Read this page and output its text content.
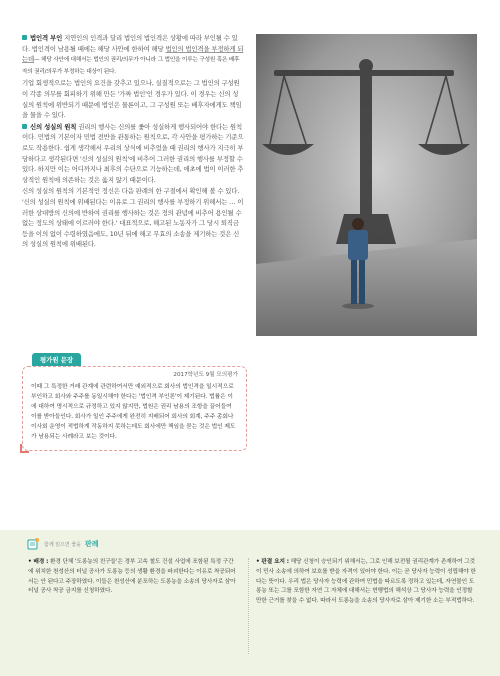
법인격 부인 지연인의 인격과 달리 법인의 법인격은 상황에 따라 부인될 수 있다. 법인격이 남용될 때에는 해당 사안에 한하여 해당 법인의 법인격을 부정하게 되는데— 해당 사안에 대해서는 법인의 권리/의무가 아니라 그 법인을 이루는 구성원 혹은 배후자의 권리/의무가 부정하는 대상이 된다.

기업 회생적으로는 법인의 요건을 갖추고 있으나, 실질적으로는 그 법인의 구성원이 각종 의무를 회피하기 위해 만든 '가짜 법인'인 경우가 있다. 이 경우는 신의 성실의 원칙에 위반되기 때문에 법인은 물론이고, 그 구성원 또는 배후자에게도 책임을 물을 수 있다.

신의 성실의 원칙 권리의 행사는 신의를 좇아 성실하게 행사되어야 한다는 원칙이다. 민법의 기본이자 민법 전반을 관통하는 원칙으로, 각 사안을 평가하는 기준으로도 작용한다. 쉽게 생각해서 우리의 상식에 비추었을 때 권리의 행사가 지극히 부당하다고 생각된다면 '신의 성실의 원칙'에 비추어 그러한 권리의 행사를 부정할 수 있다. 하지만 이는 어디까지나 최후의 수단으로 기능하는데, 애초에 법이 이러한 추상적인 원칙에 의존하는 것은 옳지 않기 때문이다.

신의 성실의 원칙의 기본적인 정신은 다음 판례의 한 구절에서 확인해 볼 수 있다. '신의 성실의 원칙에 위배된다는 이유로 그 권리의 행사를 부정하기 위해서는 … 이러한 상대방의 신의에 반하여 권리를 행사하는 것은 정의 관념에 비추어 용인될 수 없는 정도의 상태에 이르러야 한다.' 대표적으로, 해고된 노동자가 그 당시 퇴직금 등을 이의 없이 수령하였음에도, 10년 뒤에 해고 무효의 소송을 제기하는 것은 신의 성실의 원칙에 위배된다.

평가원 문장
2017학년도 9월 모의평가

이때 그 특정한 거래 관계에 관련하여서만 예외적으로 회사의 법인격을 일시적으로 부인하고 회사와 주주를 동일시해야 한다는 '법인격 부인론'이 제기된다. 법률은 이에 대하여 명시적으로 규정하고 있지 않지만, 법원은 권리 남용의 조항을 끌어들여 이를 받아들인다. 회사가 일인 주주에게 완전히 지배되어 회사의 회계, 주주 총회나 이사회 운영이 적법하게 작동하지 못하는데도 회사에만 책임을 묻는 것은 법인 제도가 남용되는 사례라고 보는 것이다.

함께 읽으면 좋을 판례

• 배경 : 환경 단체 '도롱뇽의 친구들'은 경부 고속 철도 건설 사업에 포함된 특정 구간에 위치한 천성산의 터널 공사가 도롱뇽 등의 생활 환경을 파괴한다는 이유로 착공되어서는 안 된다고 주장하였다. 이들은 천성산에 분포하는 도롱뇽을 소송의 당사자로 삼아 터널 공사 착공 금지를 신청하였다.

• 판결 요지 : 해당 신청이 승인되기 위해서는, 그로 인해 보전될 권리관계가 존재하여 그것이 민사 소송에 의하여 보호를 받을 자격이 있어야 한다. 이는 곧 당사자 능력이 성립해야 한다는 뜻이다. 우리 법은 당사자 능력에 관하여 민법을 따르도록 정하고 있는데, 자연물인 도롱뇽 또는 그를 포함한 자연 그 자체에 대해서는 현행법의 해석상 그 당사자 능력을 인정할 만한 근거를 찾을 수 없다. 따라서 도롱뇽을 소송의 당사자로 삼아 제기한 소는 부적법하다.
